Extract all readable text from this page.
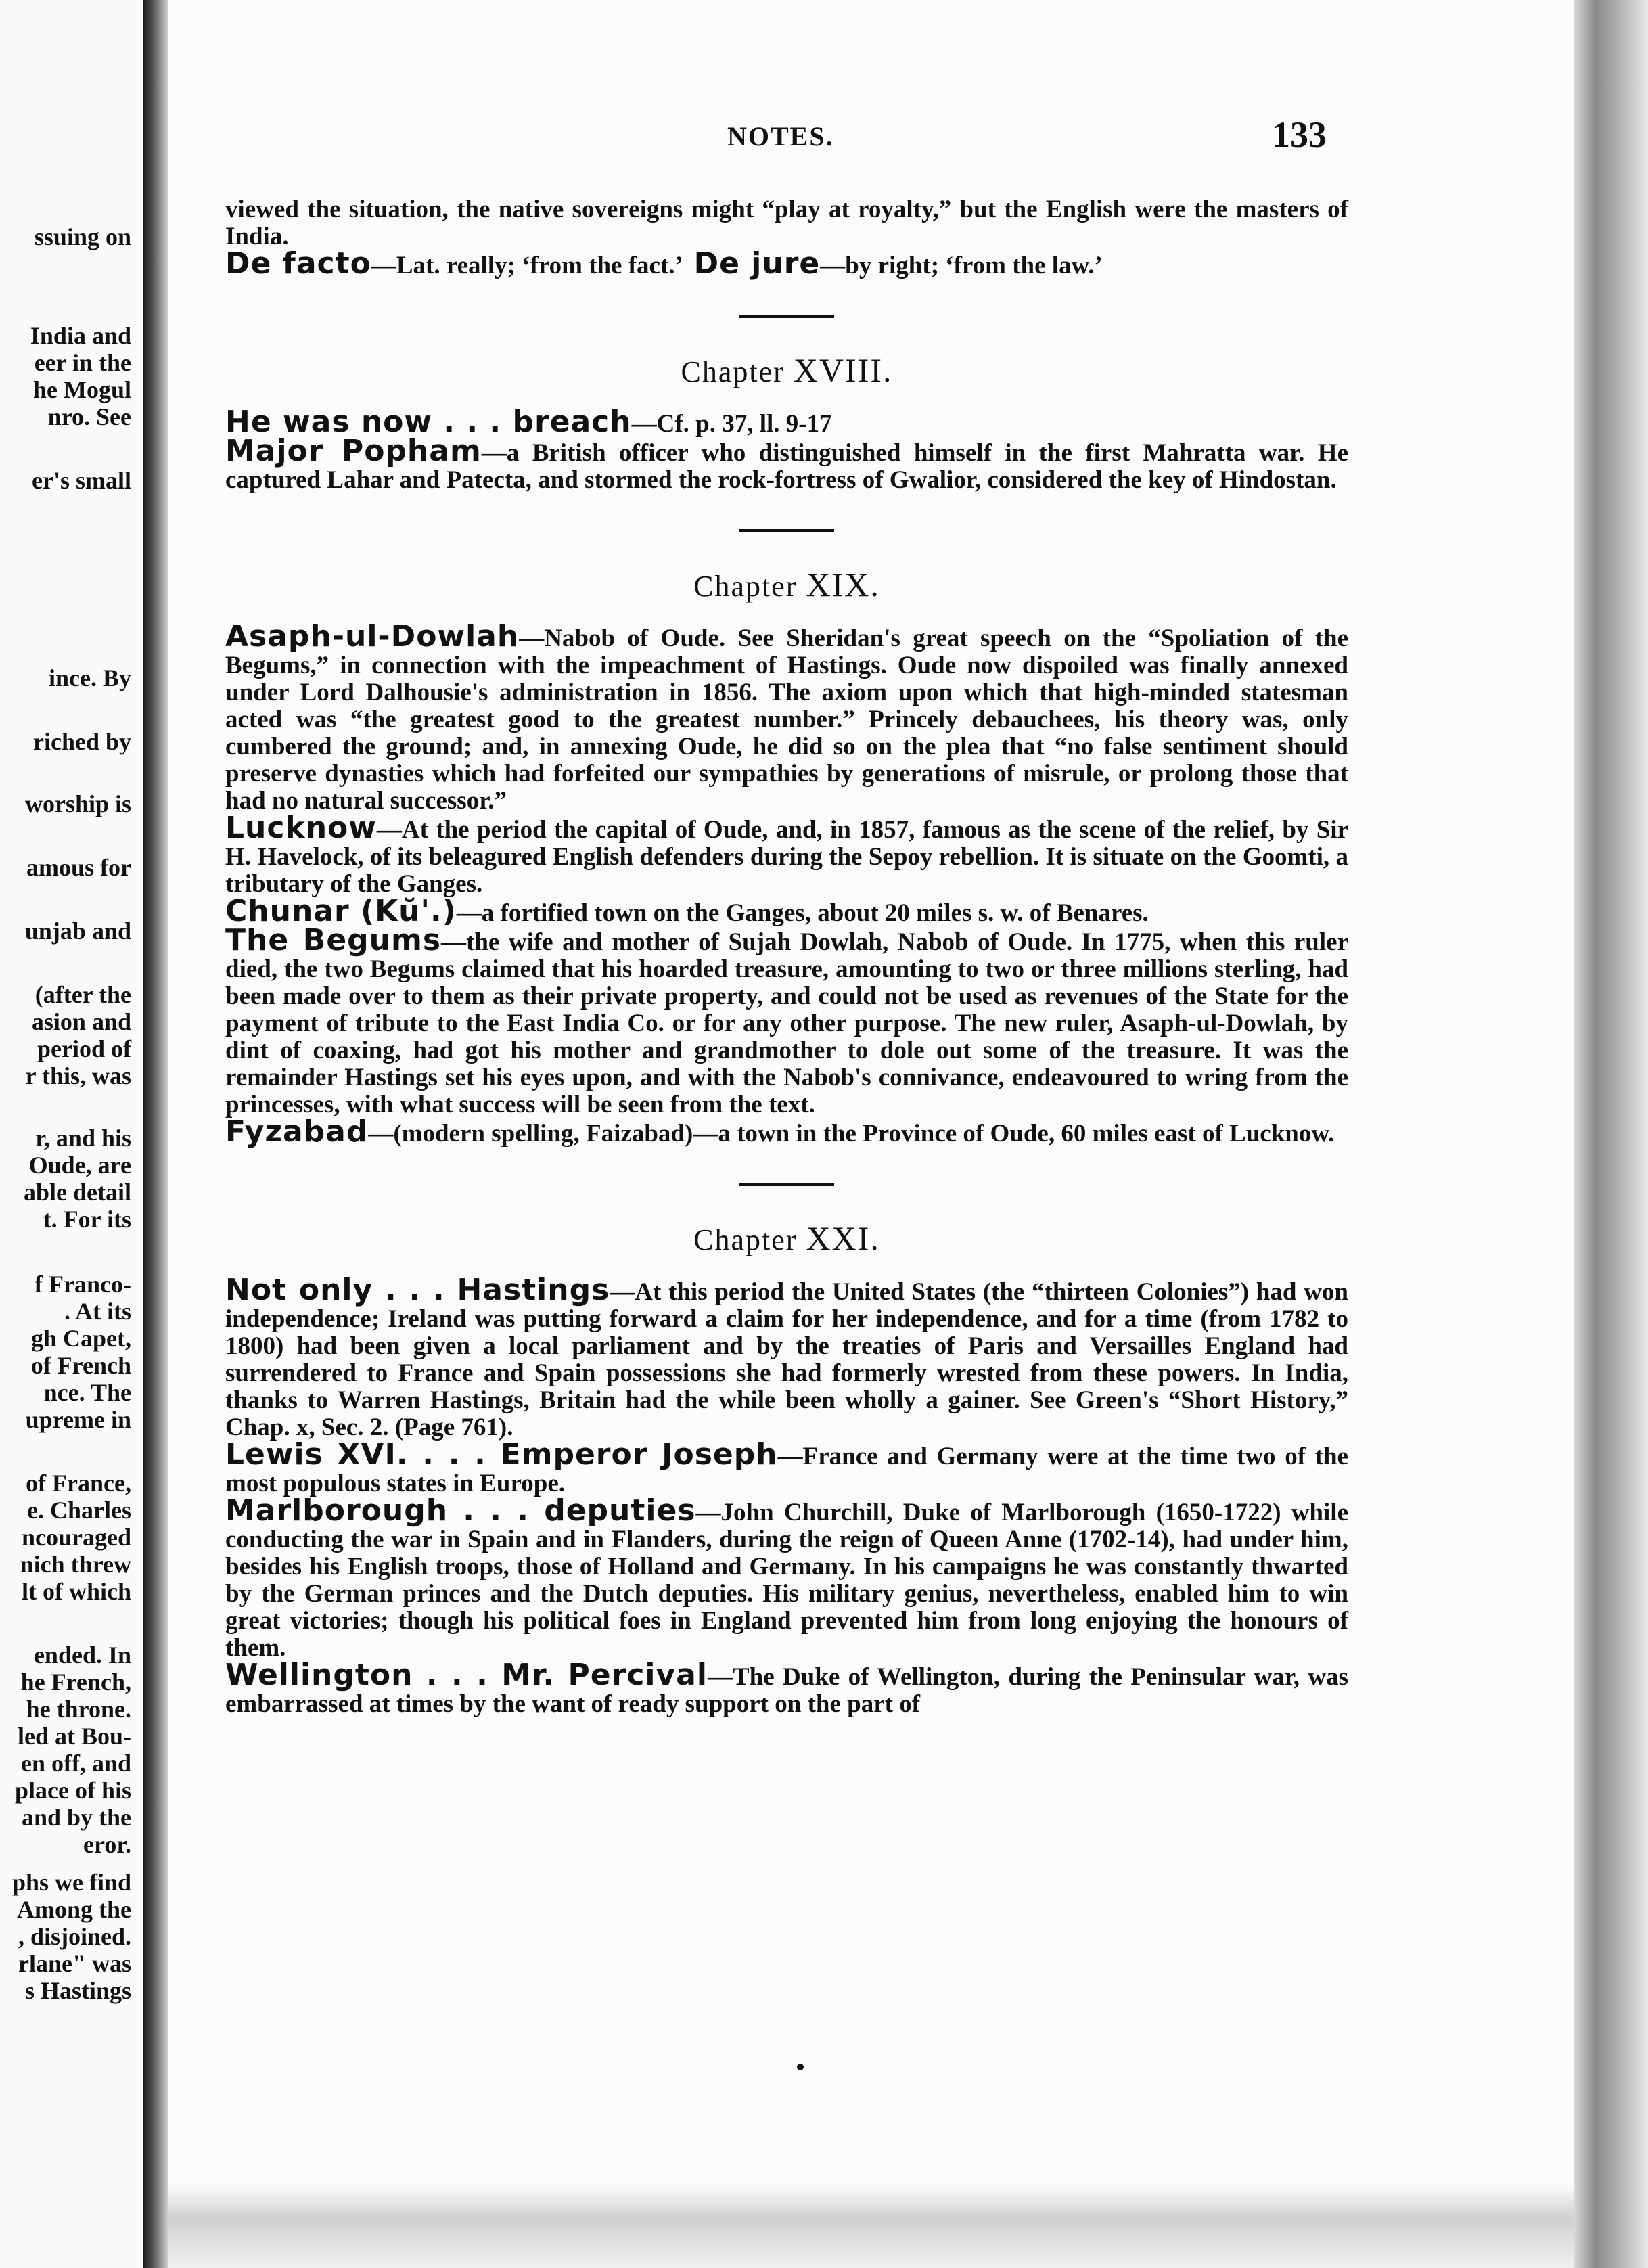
ssuing on
India and
eer in the
he Mogul
nro. See
er's small
ince. By
riched by
worship is
amous for
unjab and
(after the
asion and
period of
r this, was
r, and his
Oude, are
able detail
t. For its
f Franco-
. At its
gh Capet,
of French
nce. The
upreme in
of France,
e. Charles
ncouraged
nich threw
lt of which
ended. In
he French,
he throne.
led at Bou-
en off, and
place of his
and by the
eror.
phs we find
Among the
, disjoined.
rlane" was
s Hastings
NOTES.	133

viewed the situation, the native sovereigns might “play at royalty,” but the English were the masters of India.

De facto—Lat. really; ‘from the fact.’ De jure—by right; ‘from the law.’

Chapter XVIII.

He was now . . . breach—Cf. p. 37, ll. 9-17

Major Popham—a British officer who distinguished himself in the first Mahratta war. He captured Lahar and Patecta, and stormed the rock-fortress of Gwalior, considered the key of Hindostan.

Chapter XIX.

Asaph-ul-Dowlah—Nabob of Oude. See Sheridan's great speech on the “Spoliation of the Begums,” in connection with the impeachment of Hastings. Oude now dispoiled was finally annexed under Lord Dalhousie's administration in 1856. The axiom upon which that high-minded statesman acted was “the greatest good to the greatest number.” Princely debauchees, his theory was, only cumbered the ground; and, in annexing Oude, he did so on the plea that “no false sentiment should preserve dynasties which had forfeited our sympathies by generations of misrule, or prolong those that had no natural successor.”

Lucknow—At the period the capital of Oude, and, in 1857, famous as the scene of the relief, by Sir H. Havelock, of its beleagured English defenders during the Sepoy rebellion. It is situate on the Goomti, a tributary of the Ganges.

Chunar (Kŭ'.)—a fortified town on the Ganges, about 20 miles s. w. of Benares.

The Begums—the wife and mother of Sujah Dowlah, Nabob of Oude. In 1775, when this ruler died, the two Begums claimed that his hoarded treasure, amounting to two or three millions sterling, had been made over to them as their private property, and could not be used as revenues of the State for the payment of tribute to the East India Co. or for any other purpose. The new ruler, Asaph-ul-Dowlah, by dint of coaxing, had got his mother and grandmother to dole out some of the treasure. It was the remainder Hastings set his eyes upon, and with the Nabob's connivance, endeavoured to wring from the princesses, with what success will be seen from the text.

Fyzabad—(modern spelling, Faizabad)—a town in the Province of Oude, 60 miles east of Lucknow.

Chapter XXI.

Not only . . . Hastings—At this period the United States (the “thirteen Colonies”) had won independence; Ireland was putting forward a claim for her independence, and for a time (from 1782 to 1800) had been given a local parliament and by the treaties of Paris and Versailles England had surrendered to France and Spain possessions she had formerly wrested from these powers. In India, thanks to Warren Hastings, Britain had the while been wholly a gainer. See Green's “Short History,” Chap. x, Sec. 2. (Page 761).

Lewis XVI. . . . Emperor Joseph—France and Germany were at the time two of the most populous states in Europe.

Marlborough . . . deputies—John Churchill, Duke of Marlborough (1650-1722) while conducting the war in Spain and in Flanders, during the reign of Queen Anne (1702-14), had under him, besides his English troops, those of Holland and Germany. In his campaigns he was constantly thwarted by the German princes and the Dutch deputies. His military genius, nevertheless, enabled him to win great victories; though his political foes in England prevented him from long enjoying the honours of them.

Wellington . . . Mr. Percival—The Duke of Wellington, during the Peninsular war, was embarrassed at times by the want of ready support on the part of
